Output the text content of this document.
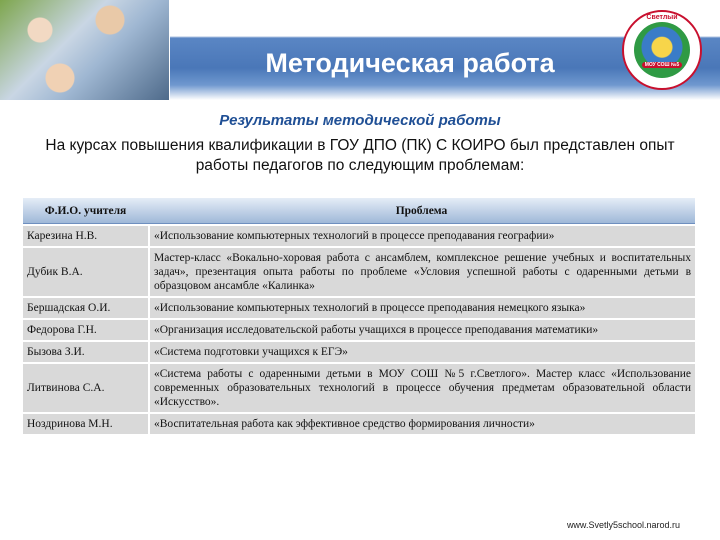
Методическая работа
Светлый
МОУ СОШ №5
Результаты методической работы
На курсах повышения квалификации в ГОУ ДПО (ПК) С КОИРО был представлен опыт работы педагогов по следующим проблемам:
Ф.И.О. учителя	Проблема
Карезина Н.В.	«Использование компьютерных технологий в процессе преподавания географии»
Дубик В.А.	Мастер-класс «Вокально-хоровая работа с ансамблем, комплексное решение учебных и воспитательных задач», презентация опыта работы по проблеме «Условия успешной работы с одаренными детьми в образцовом ансамбле «Калинка»
Бершадская О.И.	«Использование компьютерных технологий в процессе преподавания немецкого языка»
Федорова Г.Н.	«Организация исследовательской работы учащихся в процессе преподавания математики»
Бызова З.И.	«Система подготовки учащихся к ЕГЭ»
Литвинова С.А.	«Система работы с одаренными детьми в МОУ СОШ №5 г.Светлого». Мастер класс «Использование современных образовательных технологий в процессе обучения предметам образовательной области «Искусство».
Ноздринова М.Н.	«Воспитательная работа как эффективное средство формирования личности»
www.Svetly5school.narod.ru
